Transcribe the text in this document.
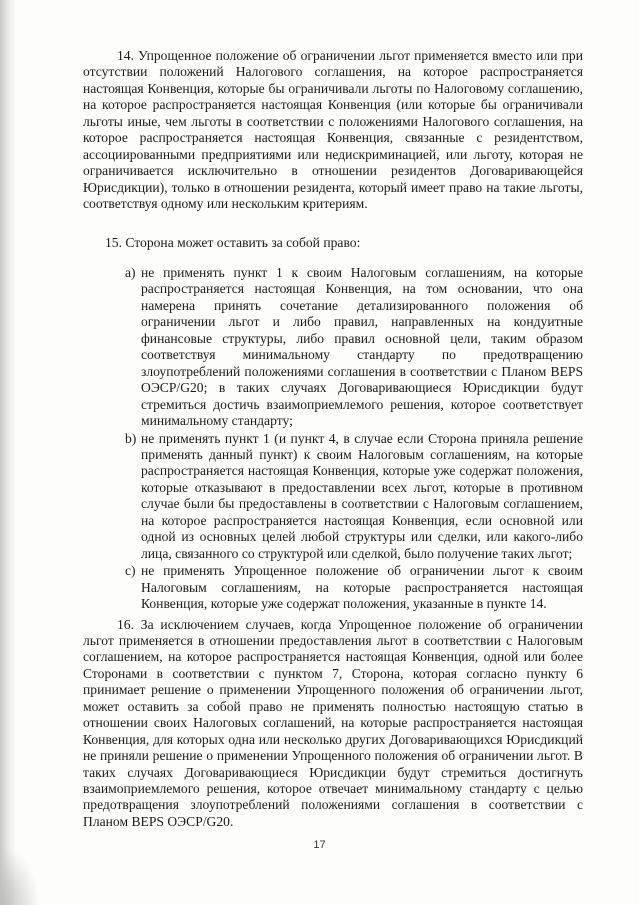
14. Упрощенное положение об ограничении льгот применяется вместо или при отсутствии положений Налогового соглашения, на которое распространяется настоящая Конвенция, которые бы ограничивали льготы по Налоговому соглашению, на которое распространяется настоящая Конвенция (или которые бы ограничивали льготы иные, чем льготы в соответствии с положениями Налогового соглашения, на которое распространяется настоящая Конвенция, связанные с резидентством, ассоциированными предприятиями или недискриминацией, или льготу, которая не ограничивается исключительно в отношении резидентов Договаривающейся Юрисдикции), только в отношении резидента, который имеет право на такие льготы, соответствуя одному или нескольким критериям.

15. Сторона может оставить за собой право:

a) не применять пункт 1 к своим Налоговым соглашениям, на которые распространяется настоящая Конвенция, на том основании, что она намерена принять сочетание детализированного положения об ограничении льгот и либо правил, направленных на кондуитные финансовые структуры, либо правил основной цели, таким образом соответствуя минимальному стандарту по предотвращению злоупотреблений положениями соглашения в соответствии с Планом BEPS ОЭСР/G20; в таких случаях Договаривающиеся Юрисдикции будут стремиться достичь взаимоприемлемого решения, которое соответствует минимальному стандарту;
b) не применять пункт 1 (и пункт 4, в случае если Сторона приняла решение применять данный пункт) к своим Налоговым соглашениям, на которые распространяется настоящая Конвенция, которые уже содержат положения, которые отказывают в предоставлении всех льгот, которые в противном случае были бы предоставлены в соответствии с Налоговым соглашением, на которое распространяется настоящая Конвенция, если основной или одной из основных целей любой структуры или сделки, или какого-либо лица, связанного со структурой или сделкой, было получение таких льгот;
c) не применять Упрощенное положение об ограничении льгот к своим Налоговым соглашениям, на которые распространяется настоящая Конвенция, которые уже содержат положения, указанные в пункте 14.

16. За исключением случаев, когда Упрощенное положение об ограничении льгот применяется в отношении предоставления льгот в соответствии с Налоговым соглашением, на которое распространяется настоящая Конвенция, одной или более Сторонами в соответствии с пунктом 7, Сторона, которая согласно пункту 6 принимает решение о применении Упрощенного положения об ограничении льгот, может оставить за собой право не применять полностью настоящую статью в отношении своих Налоговых соглашений, на которые распространяется настоящая Конвенция, для которых одна или несколько других Договаривающихся Юрисдикций не приняли решение о применении Упрощенного положения об ограничении льгот. В таких случаях Договаривающиеся Юрисдикции будут стремиться достигнуть взаимоприемлемого решения, которое отвечает минимальному стандарту с целью предотвращения злоупотреблений положениями соглашения в соответствии с Планом BEPS ОЭСР/G20.

17
